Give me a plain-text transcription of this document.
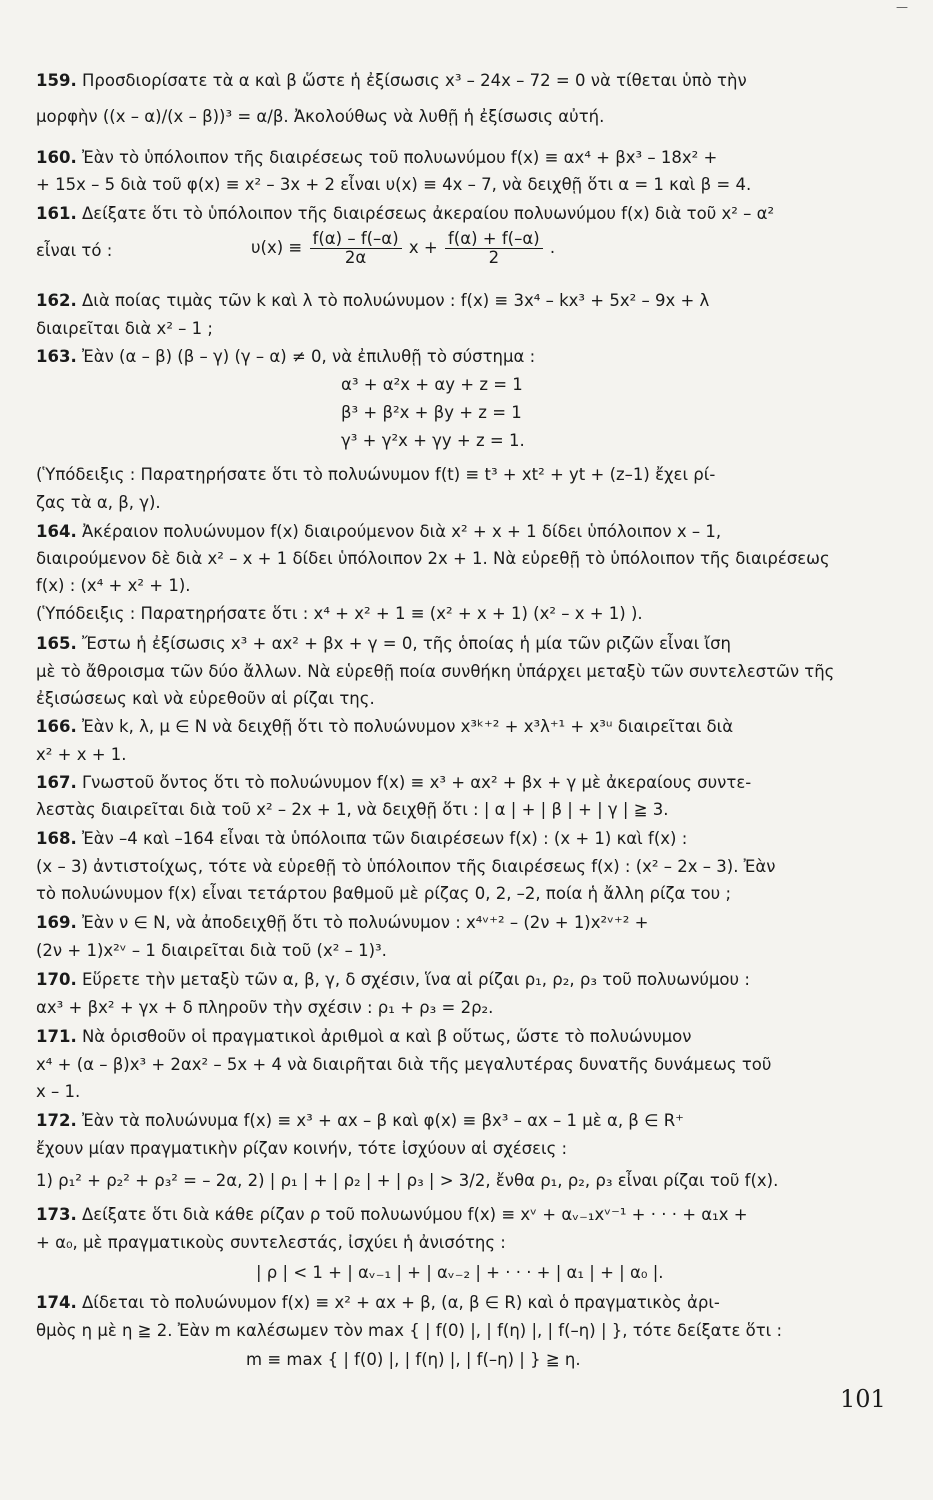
—
159. Προσδιορίσατε τὰ α καὶ β ὥστε ἡ ἐξίσωσις x³ – 24x – 72 = 0 νὰ τίθεται ὑπὸ τὴν
μορφὴν ((x – α)/(x – β))³ = α/β. Ἀκολούθως νὰ λυθῇ ἡ ἐξίσωσις αὐτή.
160. Ἐὰν τὸ ὑπόλοιπον τῆς διαιρέσεως τοῦ πολυωνύμου f(x) ≡ αx⁴ + βx³ – 18x² +
+ 15x – 5 διὰ τοῦ φ(x) ≡ x² – 3x + 2 εἶναι υ(x) ≡ 4x – 7, νὰ δειχθῇ ὅτι α = 1 καὶ β = 4.
161. Δείξατε ὅτι τὸ ὑπόλοιπον τῆς διαιρέσεως ἀκεραίου πολυωνύμου f(x) διὰ τοῦ x² – α²
εἶναι τό :	$\upsilon(x) \equiv \frac{f(\alpha) - f(-\alpha)}{2\alpha}$ $x + \frac{f(\alpha) + f(-\alpha)}{2}$ .
162. Διὰ ποίας τιμὰς τῶν k καὶ λ τὸ πολυώνυμον : f(x) ≡ 3x⁴ – kx³ + 5x² – 9x + λ
διαιρεῖται διὰ x² – 1 ;
163. Ἐὰν (α – β) (β – γ) (γ – α) ≠ 0, νὰ ἐπιλυθῇ τὸ σύστημα :
α³ + α²x + αy + z = 1
β³ + β²x + βy + z = 1
γ³ + γ²x + γy + z = 1.
(Ὑπόδειξις : Παρατηρήσατε ὅτι τὸ πολυώνυμον f(t) ≡ t³ + xt² + yt + (z–1) ἔχει ρί-
ζας τὰ α, β, γ).
164. Ἀκέραιον πολυώνυμον f(x) διαιρούμενον διὰ x² + x + 1 δίδει ὑπόλοιπον x – 1,
διαιρούμενον δὲ διὰ x² – x + 1 δίδει ὑπόλοιπον 2x + 1. Νὰ εὑρεθῇ τὸ ὑπόλοιπον τῆς διαιρέσεως
f(x) : (x⁴ + x² + 1).
(Ὑπόδειξις : Παρατηρήσατε ὅτι : x⁴ + x² + 1 ≡ (x² + x + 1) (x² – x + 1) ).
165. Ἔστω ἡ ἐξίσωσις x³ + αx² + βx + γ = 0, τῆς ὁποίας ἡ μία τῶν ριζῶν εἶναι ἴση
μὲ τὸ ἄθροισμα τῶν δύο ἄλλων. Νὰ εὑρεθῇ ποία συνθήκη ὑπάρχει μεταξὺ τῶν συντελεστῶν τῆς
ἐξισώσεως καὶ νὰ εὑρεθοῦν αἱ ρίζαι της.
166. Ἐὰν k, λ, μ ∈ N νὰ δειχθῇ ὅτι τὸ πολυώνυμον x³ᵏ⁺² + x³λ⁺¹ + x³ᵘ διαιρεῖται διὰ
x² + x + 1.
167. Γνωστοῦ ὄντος ὅτι τὸ πολυώνυμον f(x) ≡ x³ + αx² + βx + γ μὲ ἀκεραίους συντε-
λεστὰς διαιρεῖται διὰ τοῦ x² – 2x + 1, νὰ δειχθῇ ὅτι : | α | + | β | + | γ | ≧ 3.
168. Ἐὰν –4 καὶ –164 εἶναι τὰ ὑπόλοιπα τῶν διαιρέσεων f(x) : (x + 1) καὶ f(x) :
(x – 3) ἀντιστοίχως, τότε νὰ εὑρεθῇ τὸ ὑπόλοιπον τῆς διαιρέσεως f(x) : (x² – 2x – 3). Ἐὰν
τὸ πολυώνυμον f(x) εἶναι τετάρτου βαθμοῦ μὲ ρίζας 0, 2, –2, ποία ἡ ἄλλη ρίζα του ;
169. Ἐὰν ν ∈ N, νὰ ἀποδειχθῇ ὅτι τὸ πολυώνυμον : x⁴ᵛ⁺² – (2ν + 1)x²ᵛ⁺² +
(2ν + 1)x²ᵛ – 1 διαιρεῖται διὰ τοῦ (x² – 1)³.
170. Εὕρετε τὴν μεταξὺ τῶν α, β, γ, δ σχέσιν, ἵνα αἱ ρίζαι ρ₁, ρ₂, ρ₃ τοῦ πολυωνύμου :
αx³ + βx² + γx + δ πληροῦν τὴν σχέσιν : ρ₁ + ρ₃ = 2ρ₂.
171. Νὰ ὁρισθοῦν οἱ πραγματικοὶ ἀριθμοὶ α καὶ β οὕτως, ὥστε τὸ πολυώνυμον
x⁴ + (α – β)x³ + 2αx² – 5x + 4 νὰ διαιρῆται διὰ τῆς μεγαλυτέρας δυνατῆς δυνάμεως τοῦ
x – 1.
172. Ἐὰν τὰ πολυώνυμα f(x) ≡ x³ + αx – β καὶ φ(x) ≡ βx³ – αx – 1 μὲ α, β ∈ R⁺
ἔχουν μίαν πραγματικὴν ρίζαν κοινήν, τότε ἰσχύουν αἱ σχέσεις :
1) ρ₁² + ρ₂² + ρ₃² = – 2α, 2) | ρ₁ | + | ρ₂ | + | ρ₃ | > 3/2, ἔνθα ρ₁, ρ₂, ρ₃ εἶναι ρίζαι τοῦ f(x).
173. Δείξατε ὅτι διὰ κάθε ρίζαν ρ τοῦ πολυωνύμου f(x) ≡ xᵛ + αᵥ₋₁xᵛ⁻¹ + · · · + α₁x +
+ α₀, μὲ πραγματικοὺς συντελεστάς, ἰσχύει ἡ ἀνισότης :
| ρ | < 1 + | αᵥ₋₁ | + | αᵥ₋₂ | + · · · + | α₁ | + | α₀ |.
174. Δίδεται τὸ πολυώνυμον f(x) ≡ x² + αx + β, (α, β ∈ R) καὶ ὁ πραγματικὸς ἀρι-
θμὸς η μὲ η ≧ 2. Ἐὰν m καλέσωμεν τὸν max { | f(0) |, | f(η) |, | f(–η) | }, τότε δείξατε ὅτι :
m ≡ max { | f(0) |, | f(η) |, | f(–η) | } ≧ η.
101
